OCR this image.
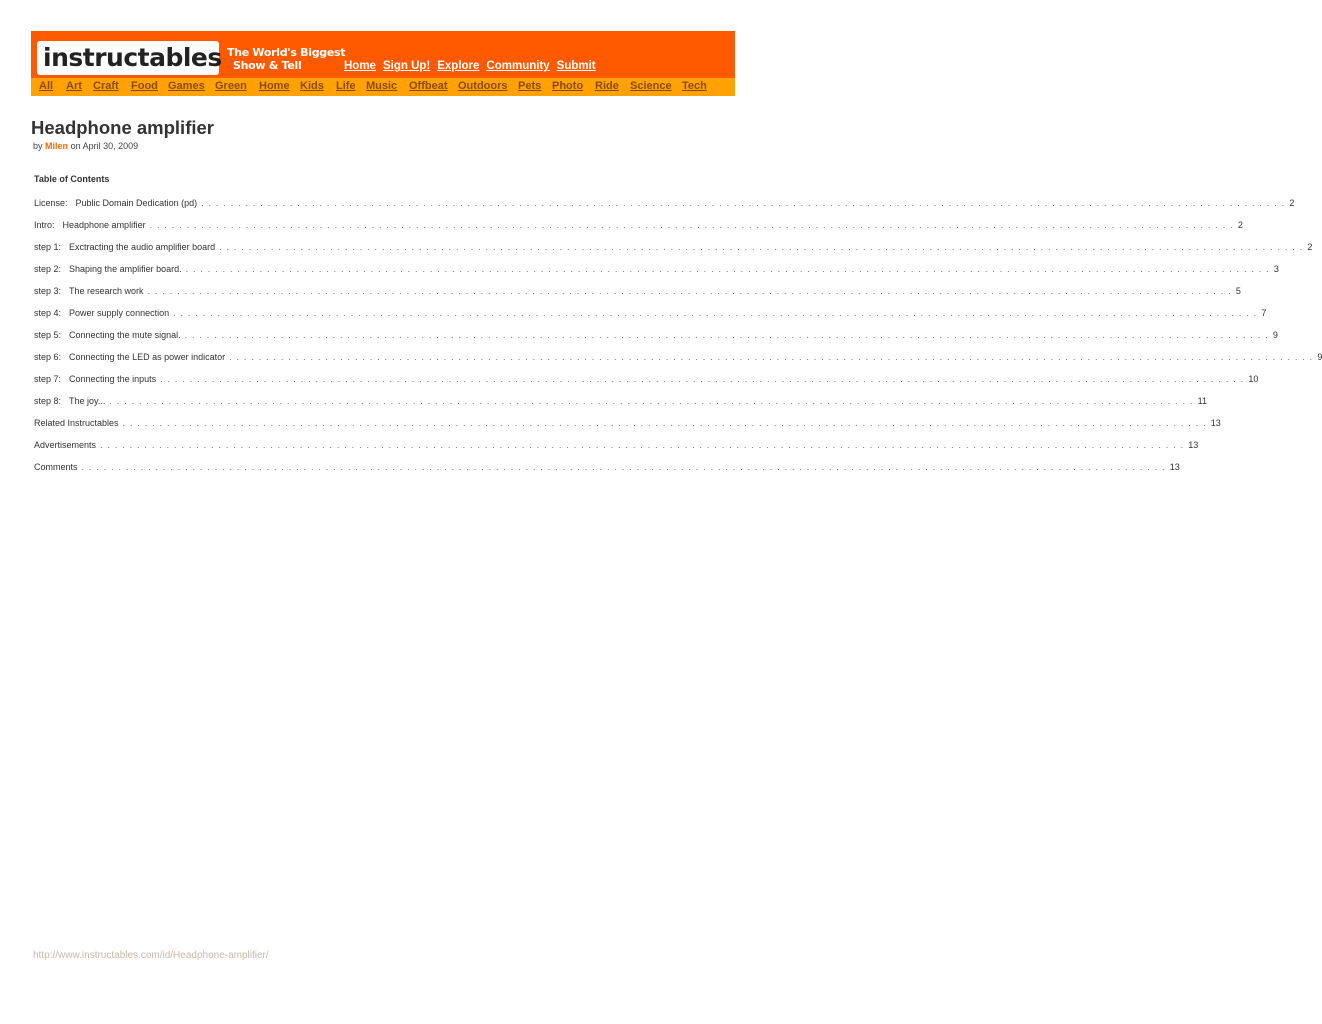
instructables The World's Biggest
Show & Tell	Home Sign Up! Explore Community Submit
All Art Craft Food Games Green Home Kids Life Music Offbeat Outdoors Pets Photo Ride Science Tech
Headphone amplifier
by Milen on April 30, 2009
Table of Contents
License: Public Domain Dedication (pd) . . . . . . . . . . . . . . . . . . . . . . . . . . . . . . . . . . . . . . . . . . . . . . . . . . . . . . . . . . . . . . . . . . . . . . . . . . . . . . . . . . . . . . . . . . . . . . . . . . . . . . . . . . . . . . . . . . . . . . . . . . . . . . . . . . . . . . . . . . . . . . . . . . . 2
Intro: Headphone amplifier . . . . . . . . . . . . . . . . . . . . . . . . . . . . . . . . . . . . . . . . . . . . . . . . . . . . . . . . . . . . . . . . . . . . . . . . . . . . . . . . . . . . . . . . . . . . . . . . . . . . . . . . . . . . . . . . . . . . . . . . . . . . . . . . . . . . . . . . . . . . . . . . . . . 2
step 1: Exctracting the audio amplifier board . . . . . . . . . . . . . . . . . . . . . . . . . . . . . . . . . . . . . . . . . . . . . . . . . . . . . . . . . . . . . . . . . . . . . . . . . . . . . . . . . . . . . . . . . . . . . . . . . . . . . . . . . . . . . . . . . . . . . . . . . . . . . . . . . . . . . . . . . . . . . . . . . . . 2
step 2: Shaping the amplifier board. . . . . . . . . . . . . . . . . . . . . . . . . . . . . . . . . . . . . . . . . . . . . . . . . . . . . . . . . . . . . . . . . . . . . . . . . . . . . . . . . . . . . . . . . . . . . . . . . . . . . . . . . . . . . . . . . . . . . . . . . . . . . . . . . . . . . . . . . . . . . . . . . . . . 3
step 3: The research work . . . . . . . . . . . . . . . . . . . . . . . . . . . . . . . . . . . . . . . . . . . . . . . . . . . . . . . . . . . . . . . . . . . . . . . . . . . . . . . . . . . . . . . . . . . . . . . . . . . . . . . . . . . . . . . . . . . . . . . . . . . . . . . . . . . . . . . . . . . . . . . . . . . 5
step 4: Power supply connection . . . . . . . . . . . . . . . . . . . . . . . . . . . . . . . . . . . . . . . . . . . . . . . . . . . . . . . . . . . . . . . . . . . . . . . . . . . . . . . . . . . . . . . . . . . . . . . . . . . . . . . . . . . . . . . . . . . . . . . . . . . . . . . . . . . . . . . . . . . . . . . . . . . 7
step 5: Connecting the mute signal. . . . . . . . . . . . . . . . . . . . . . . . . . . . . . . . . . . . . . . . . . . . . . . . . . . . . . . . . . . . . . . . . . . . . . . . . . . . . . . . . . . . . . . . . . . . . . . . . . . . . . . . . . . . . . . . . . . . . . . . . . . . . . . . . . . . . . . . . . . . . . . . . . . . 9
step 6: Connecting the LED as power indicator . . . . . . . . . . . . . . . . . . . . . . . . . . . . . . . . . . . . . . . . . . . . . . . . . . . . . . . . . . . . . . . . . . . . . . . . . . . . . . . . . . . . . . . . . . . . . . . . . . . . . . . . . . . . . . . . . . . . . . . . . . . . . . . . . . . . . . . . . . . . . . . . . . . 9
step 7: Connecting the inputs . . . . . . . . . . . . . . . . . . . . . . . . . . . . . . . . . . . . . . . . . . . . . . . . . . . . . . . . . . . . . . . . . . . . . . . . . . . . . . . . . . . . . . . . . . . . . . . . . . . . . . . . . . . . . . . . . . . . . . . . . . . . . . . . . . . . . . . . . . . . . . . . . . . 10
step 8: The joy... . . . . . . . . . . . . . . . . . . . . . . . . . . . . . . . . . . . . . . . . . . . . . . . . . . . . . . . . . . . . . . . . . . . . . . . . . . . . . . . . . . . . . . . . . . . . . . . . . . . . . . . . . . . . . . . . . . . . . . . . . . . . . . . . . . . . . . . . . . . . . . . . . . . 11
Related Instructables . . . . . . . . . . . . . . . . . . . . . . . . . . . . . . . . . . . . . . . . . . . . . . . . . . . . . . . . . . . . . . . . . . . . . . . . . . . . . . . . . . . . . . . . . . . . . . . . . . . . . . . . . . . . . . . . . . . . . . . . . . . . . . . . . . . . . . . . . . . . . . . . . . . 13
Advertisements . . . . . . . . . . . . . . . . . . . . . . . . . . . . . . . . . . . . . . . . . . . . . . . . . . . . . . . . . . . . . . . . . . . . . . . . . . . . . . . . . . . . . . . . . . . . . . . . . . . . . . . . . . . . . . . . . . . . . . . . . . . . . . . . . . . . . . . . . . . . . . . . . . . 13
Comments . . . . . . . . . . . . . . . . . . . . . . . . . . . . . . . . . . . . . . . . . . . . . . . . . . . . . . . . . . . . . . . . . . . . . . . . . . . . . . . . . . . . . . . . . . . . . . . . . . . . . . . . . . . . . . . . . . . . . . . . . . . . . . . . . . . . . . . . . . . . . . . . . . . 13
http://www.instructables.com/id/Headphone-amplifier/
